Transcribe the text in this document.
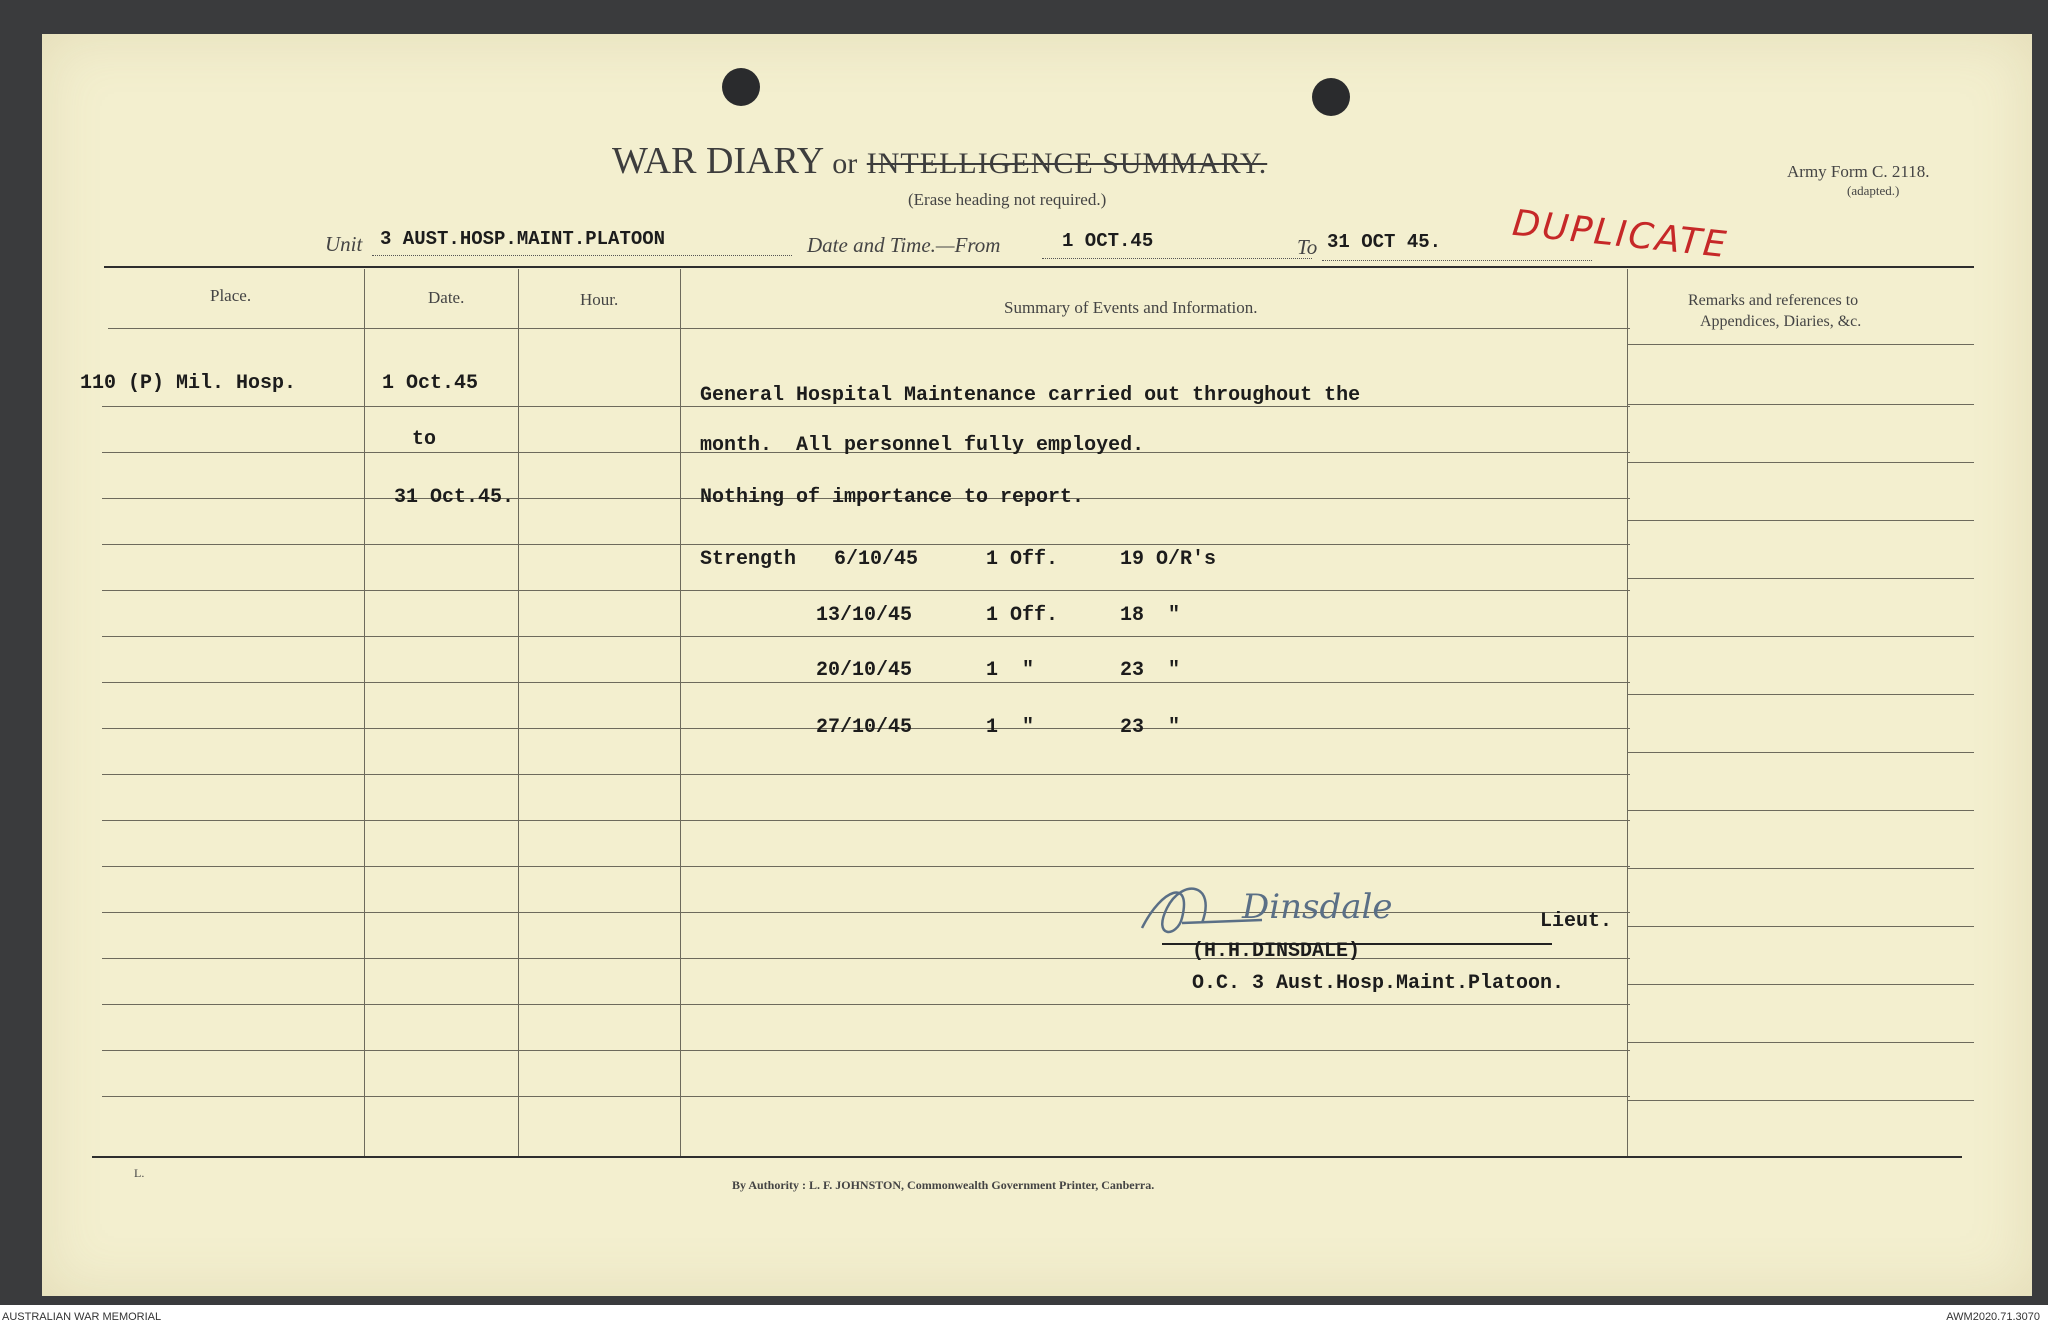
WAR DIARY or INTELLIGENCE SUMMARY.
(Erase heading not required.)
Army Form C. 2118.
(adapted.)
DUPLICATE
Unit 3 AUST.HOSP.MAINT.PLATOON	Date and Time.—From	1 OCT.45	To 31 OCT 45.
Place.	Date.	Hour.	Summary of Events and Information.	Remarks and references to
Appendices, Diaries, &c.
110 (P) Mil. Hosp.	1 Oct.45
to
31 Oct.45.
General Hospital Maintenance carried out throughout the
month.  All personnel fully employed.
Nothing of importance to report.
Strength 6/10/45	1 Off.	19 O/R's
13/10/45	1 Off.	18  "
20/10/45	1  "	23  "
27/10/45	1  "	23  "
Dinsdale	Lieut.
(H.H.DINSDALE)
O.C. 3 Aust.Hosp.Maint.Platoon.
L.
By Authority : L. F. JOHNSTON, Commonwealth Government Printer, Canberra.
AUSTRALIAN WAR MEMORIAL	AWM2020.71.3070
